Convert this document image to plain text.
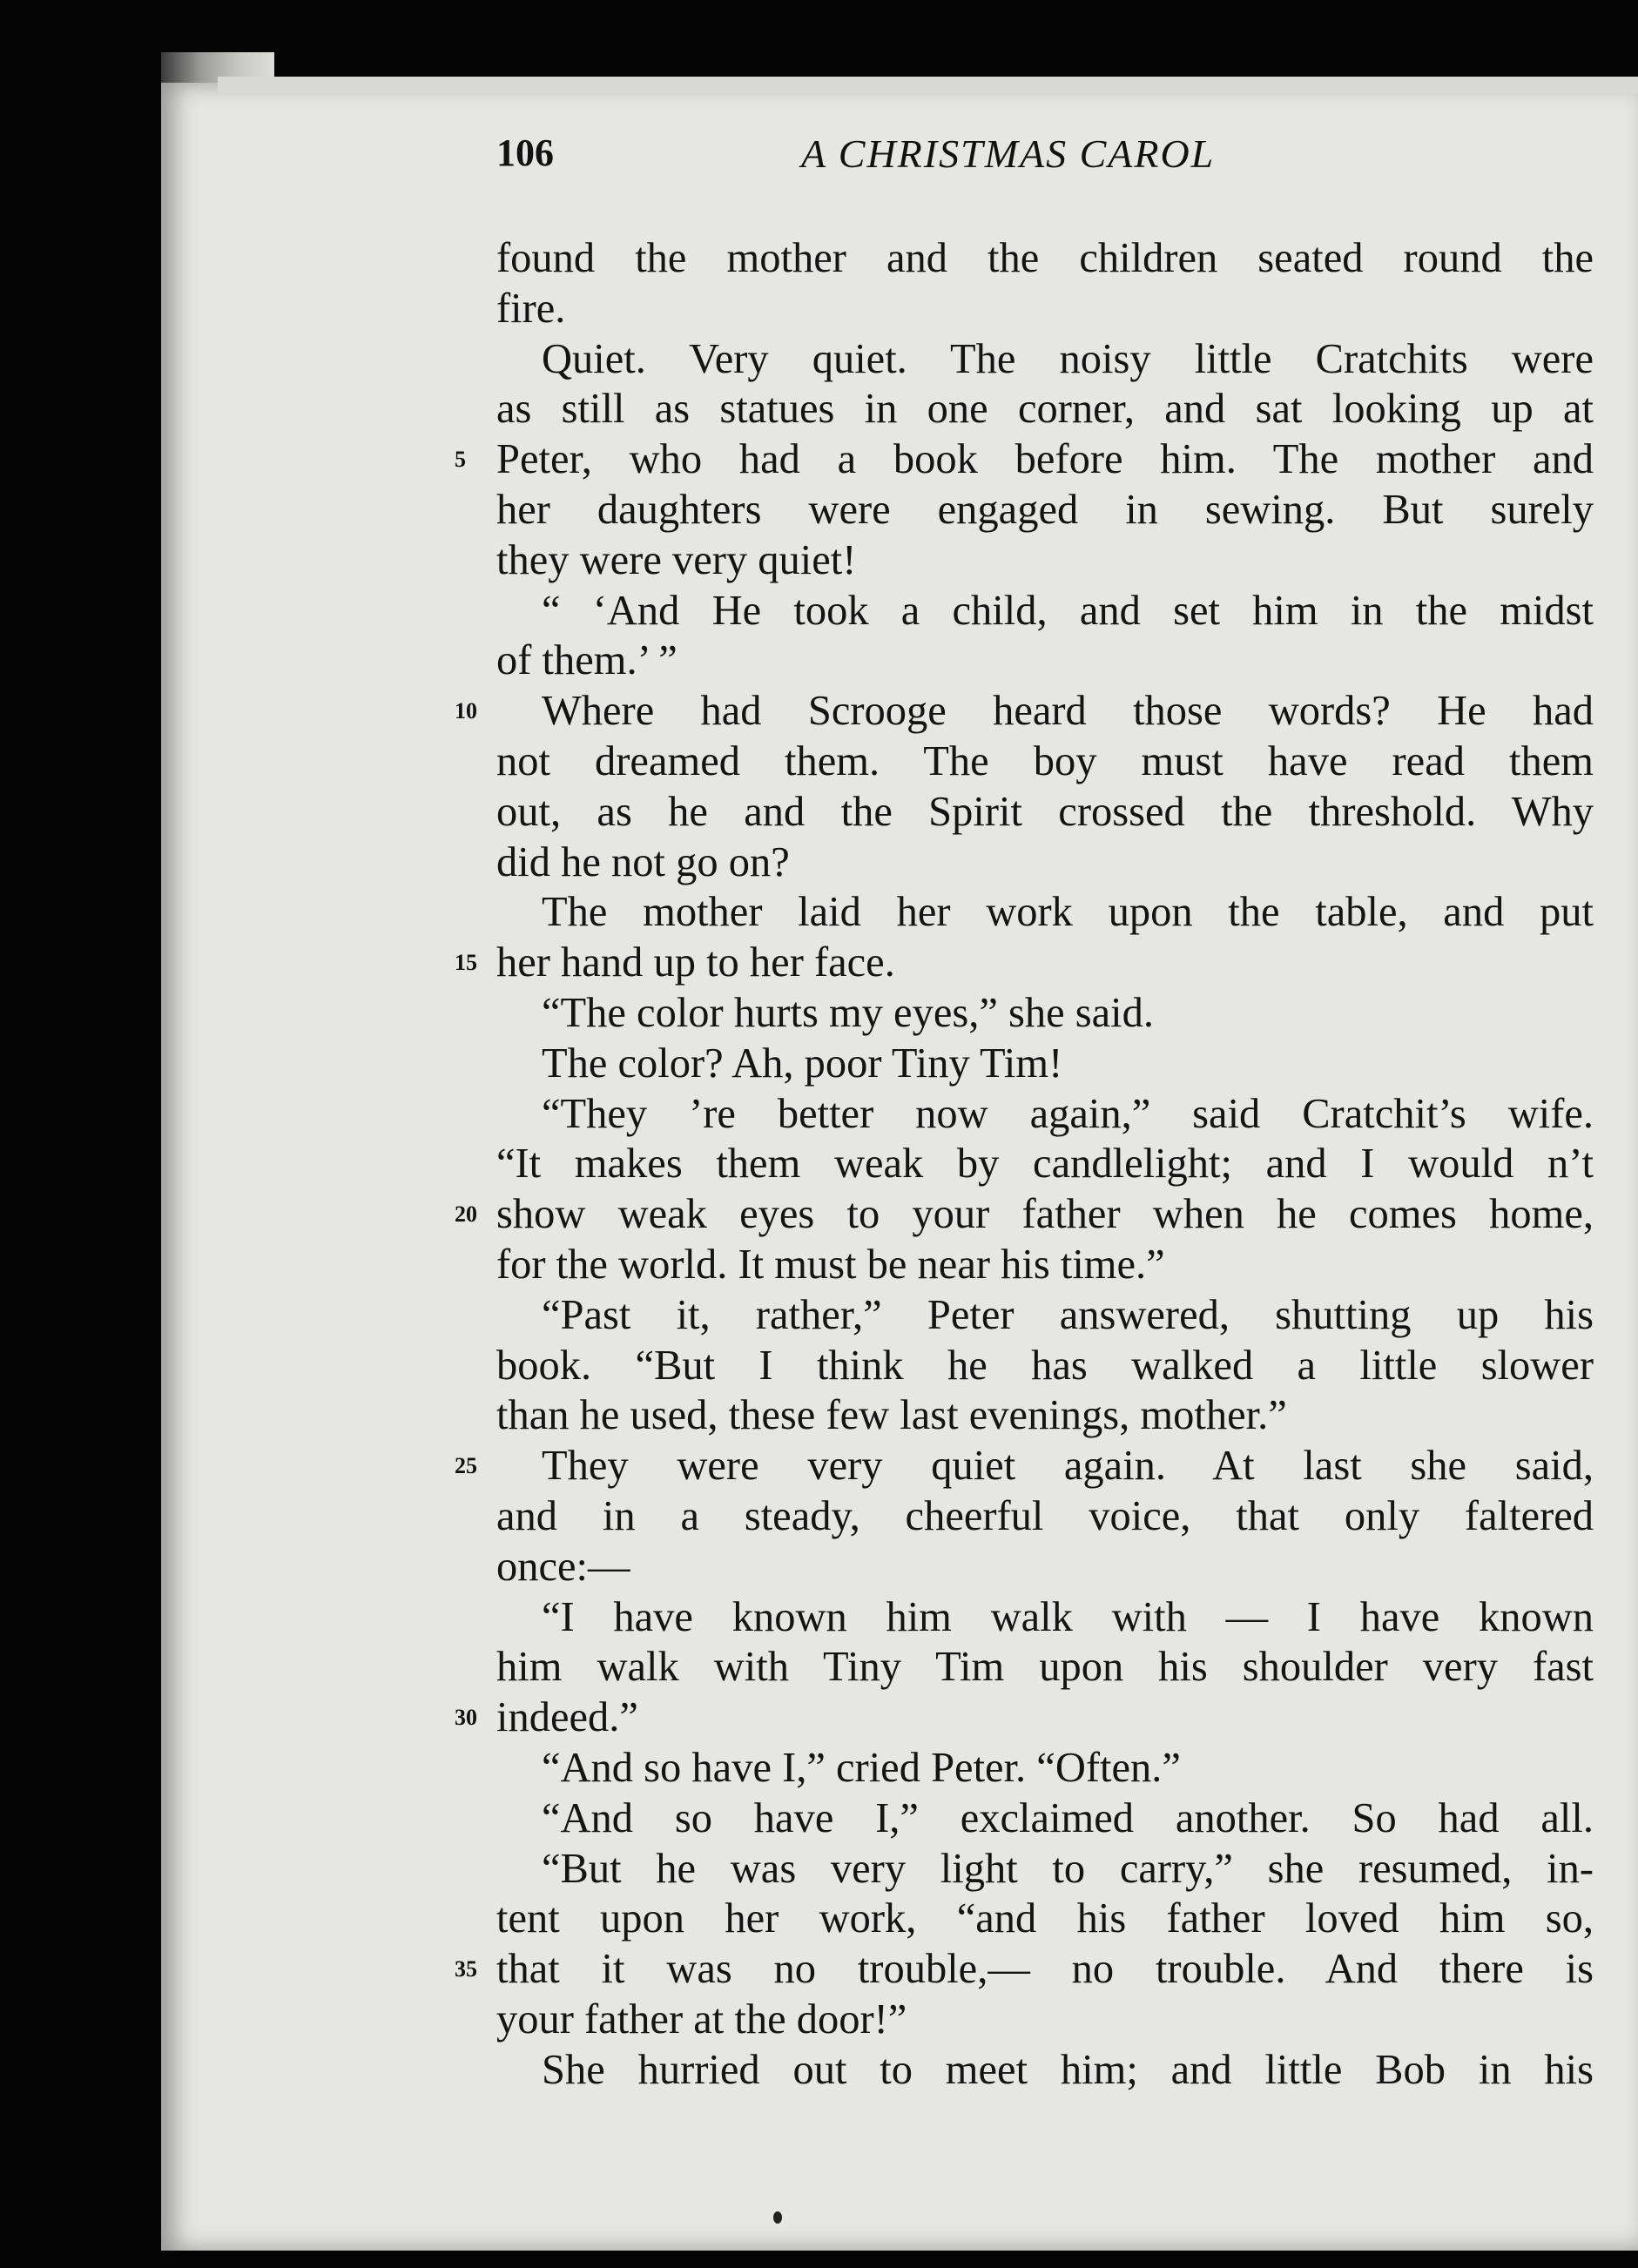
106	A CHRISTMAS CAROL
found the mother and the children seated round the
fire.
Quiet. Very quiet. The noisy little Cratchits were
as still as statues in one corner, and sat looking up at
5 Peter, who had a book before him. The mother and
her daughters were engaged in sewing. But surely
they were very quiet!
“ ‘And He took a child, and set him in the midst
of them.’ ”
10 Where had Scrooge heard those words? He had
not dreamed them. The boy must have read them
out, as he and the Spirit crossed the threshold. Why
did he not go on?
The mother laid her work upon the table, and put
15 her hand up to her face.
“The color hurts my eyes,” she said.
The color? Ah, poor Tiny Tim!
“They ’re better now again,” said Cratchit’s wife.
“It makes them weak by candlelight; and I would n’t
20 show weak eyes to your father when he comes home,
for the world. It must be near his time.”
“Past it, rather,” Peter answered, shutting up his
book. “But I think he has walked a little slower
than he used, these few last evenings, mother.”
25 They were very quiet again. At last she said,
and in a steady, cheerful voice, that only faltered
once:—
“I have known him walk with — I have known
him walk with Tiny Tim upon his shoulder very fast
30 indeed.”
“And so have I,” cried Peter. “Often.”
“And so have I,” exclaimed another. So had all.
“But he was very light to carry,” she resumed, in-
tent upon her work, “and his father loved him so,
35 that it was no trouble,— no trouble. And there is
your father at the door!”
She hurried out to meet him; and little Bob in his
